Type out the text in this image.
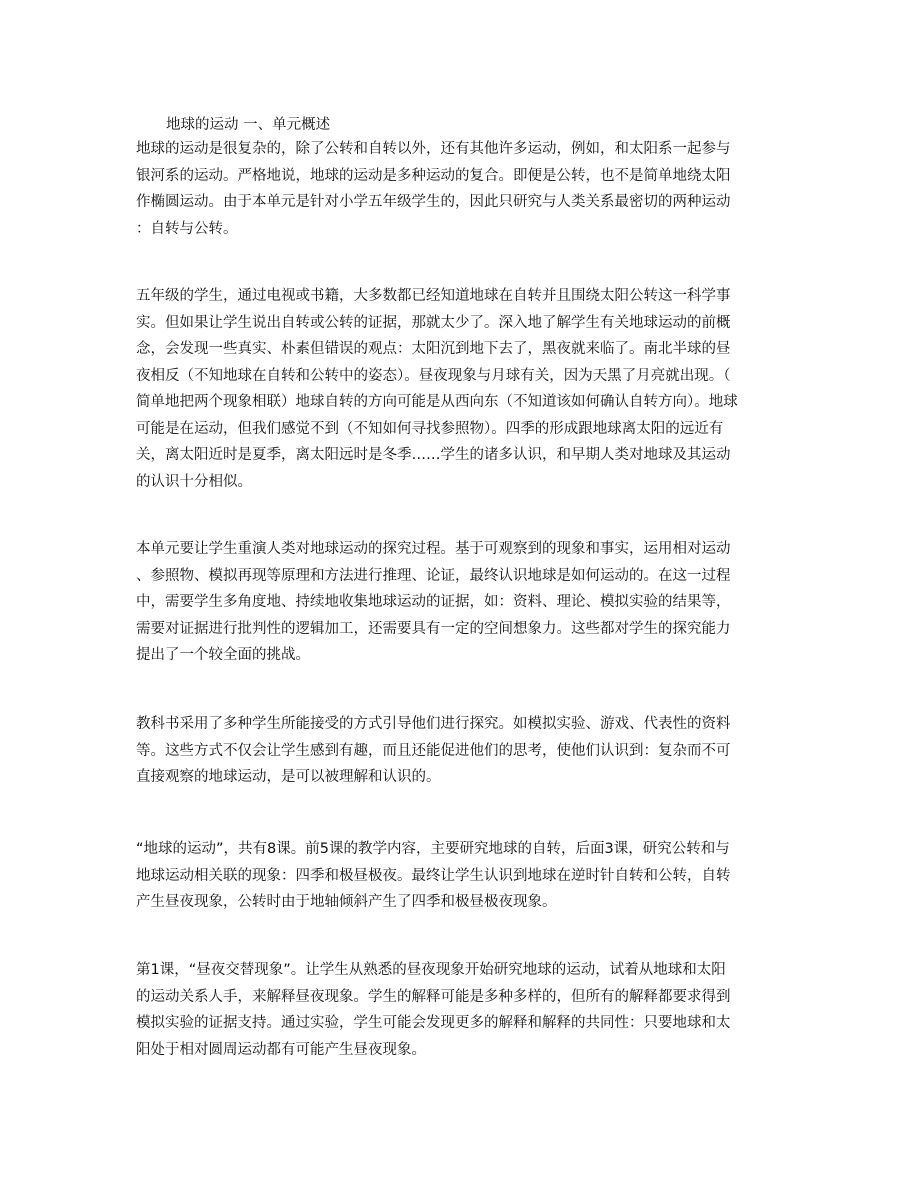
地球的运动 一、单元概述
地球的运动是很复杂的，除了公转和自转以外，还有其他许多运动，例如，和太阳系一起参与
银河系的运动。严格地说，地球的运动是多种运动的复合。即便是公转，也不是简单地绕太阳
作椭圆运动。由于本单元是针对小学五年级学生的，因此只研究与人类关系最密切的两种运动
：自转与公转。
五年级的学生，通过电视或书籍，大多数都已经知道地球在自转并且围绕太阳公转这一科学事
实。但如果让学生说出自转或公转的证据，那就太少了。深入地了解学生有关地球运动的前概
念，会发现一些真实、朴素但错误的观点：太阳沉到地下去了，黑夜就来临了。南北半球的昼
夜相反（不知地球在自转和公转中的姿态）。昼夜现象与月球有关，因为天黑了月亮就出现。（
简单地把两个现象相联）地球自转的方向可能是从西向东（不知道该如何确认自转方向）。地球
可能是在运动，但我们感觉不到（不知如何寻找参照物）。四季的形成跟地球离太阳的远近有
关，离太阳近时是夏季，离太阳远时是冬季……学生的诸多认识，和早期人类对地球及其运动
的认识十分相似。
本单元要让学生重演人类对地球运动的探究过程。基于可观察到的现象和事实，运用相对运动
、参照物、模拟再现等原理和方法进行推理、论证，最终认识地球是如何运动的。在这一过程
中，需要学生多角度地、持续地收集地球运动的证据，如：资料、理论、模拟实验的结果等，
需要对证据进行批判性的逻辑加工，还需要具有一定的空间想象力。这些都对学生的探究能力
提出了一个较全面的挑战。
教科书采用了多种学生所能接受的方式引导他们进行探究。如模拟实验、游戏、代表性的资料
等。这些方式不仅会让学生感到有趣，而且还能促进他们的思考，使他们认识到：复杂而不可
直接观察的地球运动，是可以被理解和认识的。
“地球的运动”，共有8课。前5课的教学内容，主要研究地球的自转，后面3课，研究公转和与
地球运动相关联的现象：四季和极昼极夜。最终让学生认识到地球在逆时针自转和公转，自转
产生昼夜现象，公转时由于地轴倾斜产生了四季和极昼极夜现象。
第1课，“昼夜交替现象”。让学生从熟悉的昼夜现象开始研究地球的运动，试着从地球和太阳
的运动关系人手，来解释昼夜现象。学生的解释可能是多种多样的，但所有的解释都要求得到
模拟实验的证据支持。通过实验，学生可能会发现更多的解释和解释的共同性：只要地球和太
阳处于相对圆周运动都有可能产生昼夜现象。
